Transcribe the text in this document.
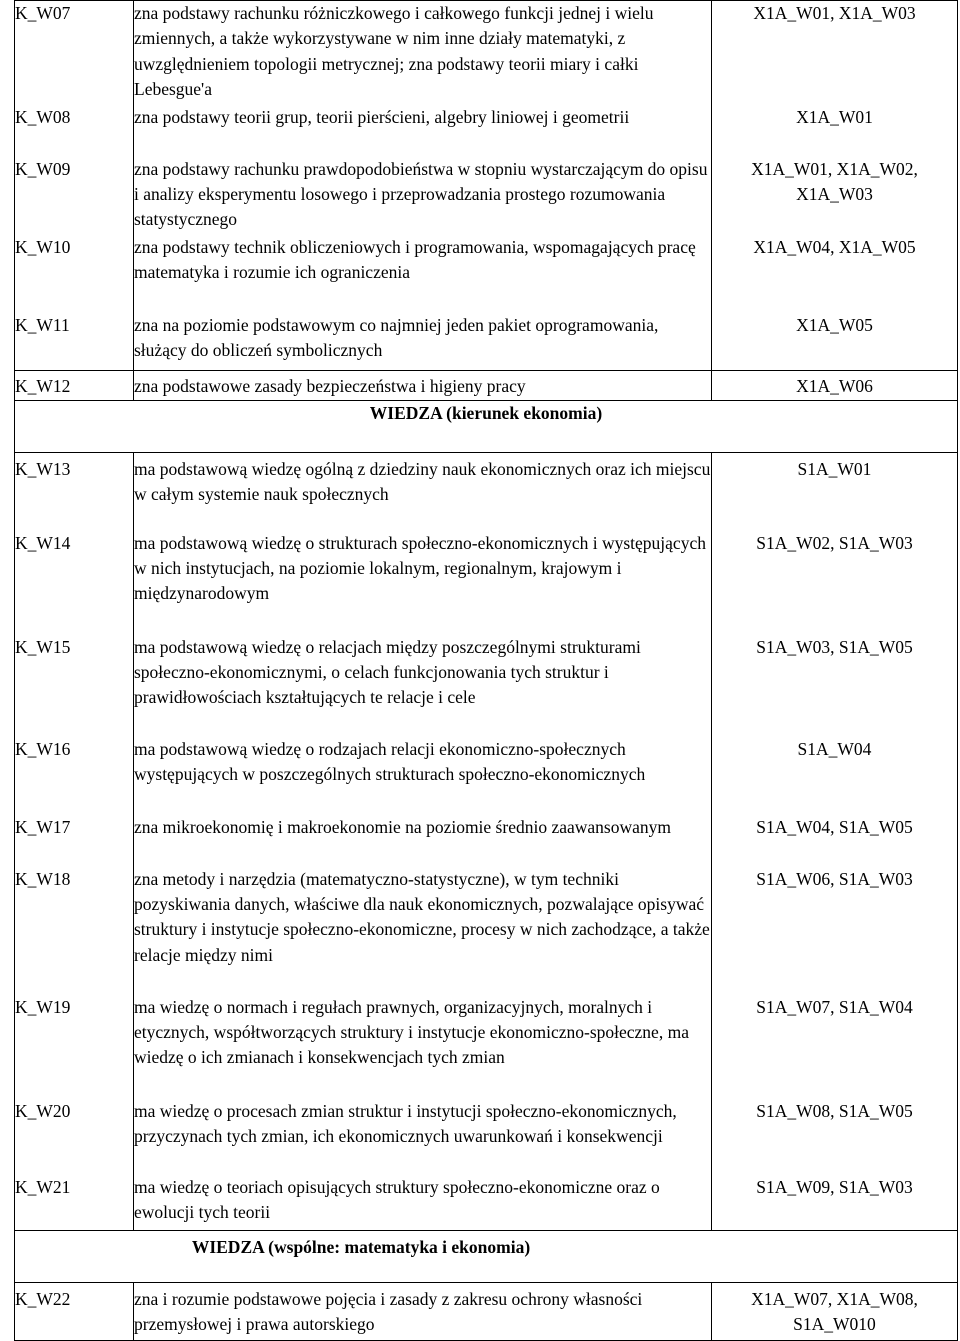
K_W07	zna podstawy rachunku różniczkowego i całkowego funkcji jednej i wielu zmiennych, a także wykorzystywane w nim inne działy matematyki, z uwzględnieniem topologii metrycznej; zna podstawy teorii miary i całki Lebesgue'a	X1A_W01, X1A_W03
K_W08	zna podstawy teorii grup, teorii pierścieni, algebry liniowej i geometrii	X1A_W01
K_W09	zna podstawy rachunku prawdopodobieństwa w stopniu wystarczającym do opisu i analizy eksperymentu losowego i przeprowadzania prostego rozumowania statystycznego	X1A_W01, X1A_W02, X1A_W03
K_W10	zna podstawy technik obliczeniowych i programowania, wspomagających pracę matematyka i rozumie ich ograniczenia	X1A_W04, X1A_W05
K_W11	zna na poziomie podstawowym co najmniej jeden pakiet oprogramowania, służący do obliczeń symbolicznych	X1A_W05
K_W12	zna podstawowe zasady bezpieczeństwa i higieny pracy	X1A_W06
WIEDZA (kierunek ekonomia)		
K_W13	ma podstawową wiedzę ogólną z dziedziny nauk ekonomicznych oraz ich miejscu w całym systemie nauk społecznych	S1A_W01
K_W14	ma podstawową wiedzę o strukturach społeczno-ekonomicznych i występujących w nich instytucjach, na poziomie lokalnym, regionalnym, krajowym i międzynarodowym	S1A_W02, S1A_W03
K_W15	ma podstawową wiedzę o relacjach między poszczególnymi strukturami społeczno-ekonomicznymi, o celach funkcjonowania tych struktur i prawidłowościach kształtujących te relacje i cele	S1A_W03, S1A_W05
K_W16	ma podstawową wiedzę o rodzajach relacji ekonomiczno-społecznych występujących w poszczególnych strukturach społeczno-ekonomicznych	S1A_W04
K_W17	zna mikroekonomię i makroekonomie na poziomie średnio zaawansowanym	S1A_W04, S1A_W05
K_W18	zna metody i narzędzia (matematyczno-statystyczne), w tym techniki pozyskiwania danych, właściwe dla nauk ekonomicznych, pozwalające opisywać struktury i instytucje społeczno-ekonomiczne, procesy w nich zachodzące, a także relacje między nimi	S1A_W06, S1A_W03
K_W19	ma wiedzę o normach i regułach prawnych, organizacyjnych, moralnych i etycznych, współtworzących struktury i instytucje ekonomiczno-społeczne, ma wiedzę o ich zmianach i konsekwencjach tych zmian	S1A_W07, S1A_W04
K_W20	ma wiedzę o procesach zmian struktur i instytucji społeczno-ekonomicznych, przyczynach tych zmian, ich ekonomicznych uwarunkowań i konsekwencji	S1A_W08, S1A_W05
K_W21	ma wiedzę o teoriach opisujących struktury społeczno-ekonomiczne oraz o ewolucji tych teorii	S1A_W09, S1A_W03
WIEDZA (wspólne: matematyka i ekonomia)		
K_W22	zna i rozumie podstawowe pojęcia i zasady z zakresu ochrony własności przemysłowej i prawa autorskiego	X1A_W07, X1A_W08, S1A_W010
